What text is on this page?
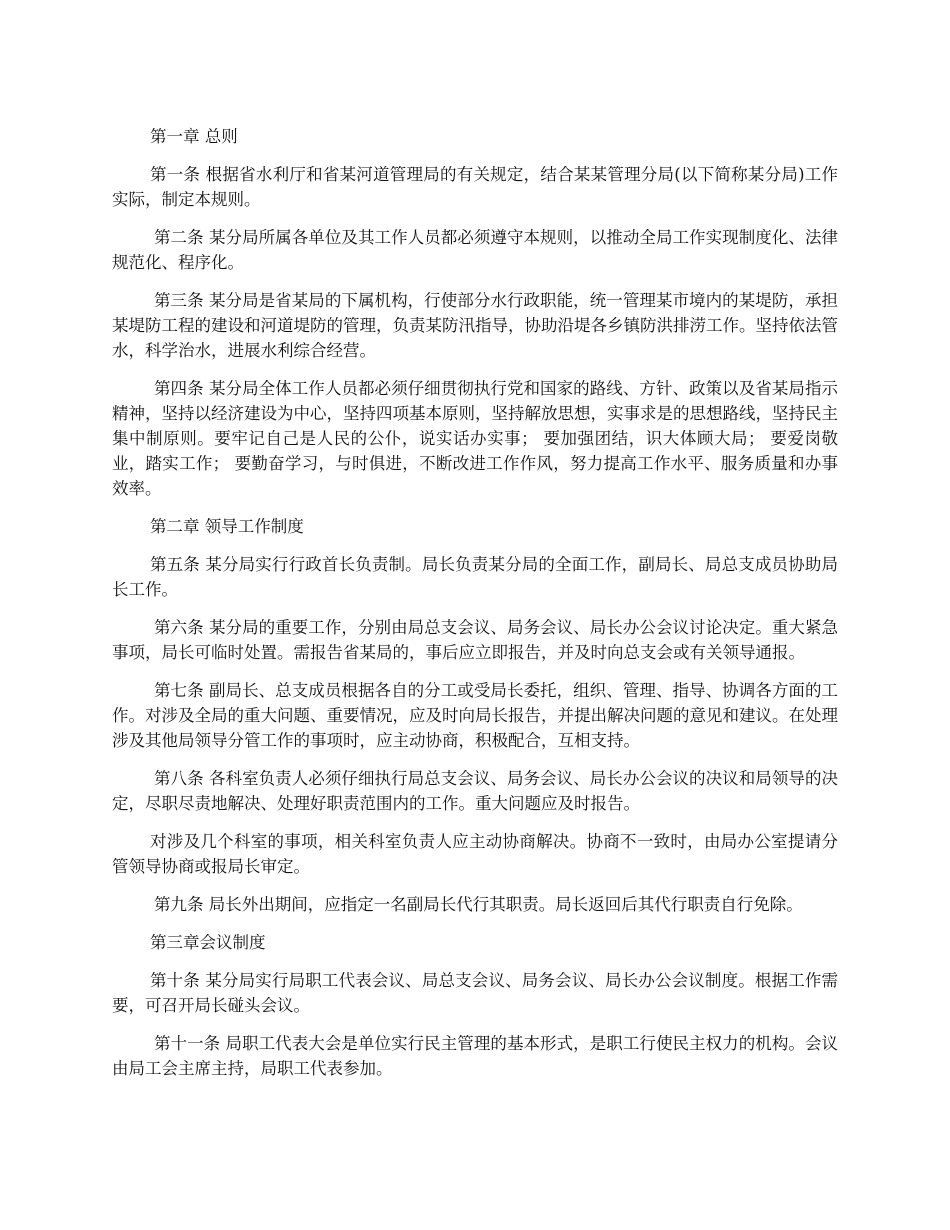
第一章 总则

第一条 根据省水利厅和省某河道管理局的有关规定，结合某某管理分局(以下简称某分局)工作实际，制定本规则。

第二条 某分局所属各单位及其工作人员都必须遵守本规则，以推动全局工作实现制度化、法律规范化、程序化。

第三条 某分局是省某局的下属机构，行使部分水行政职能，统一管理某市境内的某堤防，承担某堤防工程的建设和河道堤防的管理，负责某防汛指导，协助沿堤各乡镇防洪排涝工作。坚持依法管水，科学治水，进展水利综合经营。

第四条 某分局全体工作人员都必须仔细贯彻执行党和国家的路线、方针、政策以及省某局指示精神，坚持以经济建设为中心，坚持四项基本原则，坚持解放思想，实事求是的思想路线，坚持民主集中制原则。要牢记自己是人民的公仆，说实话办实事； 要加强团结，识大体顾大局； 要爱岗敬业，踏实工作； 要勤奋学习，与时俱进，不断改进工作作风，努力提高工作水平、服务质量和办事效率。

第二章 领导工作制度

第五条 某分局实行行政首长负责制。局长负责某分局的全面工作，副局长、局总支成员协助局长工作。

第六条 某分局的重要工作，分别由局总支会议、局务会议、局长办公会议讨论决定。重大紧急事项，局长可临时处置。需报告省某局的，事后应立即报告，并及时向总支会或有关领导通报。

第七条 副局长、总支成员根据各自的分工或受局长委托，组织、管理、指导、协调各方面的工作。对涉及全局的重大问题、重要情况，应及时向局长报告，并提出解决问题的意见和建议。在处理涉及其他局领导分管工作的事项时，应主动协商，积极配合，互相支持。

第八条 各科室负责人必须仔细执行局总支会议、局务会议、局长办公会议的决议和局领导的决定，尽职尽责地解决、处理好职责范围内的工作。重大问题应及时报告。

对涉及几个科室的事项，相关科室负责人应主动协商解决。协商不一致时，由局办公室提请分管领导协商或报局长审定。

第九条 局长外出期间，应指定一名副局长代行其职责。局长返回后其代行职责自行免除。

第三章会议制度

第十条 某分局实行局职工代表会议、局总支会议、局务会议、局长办公会议制度。根据工作需要，可召开局长碰头会议。

第十一条 局职工代表大会是单位实行民主管理的基本形式，是职工行使民主权力的机构。会议由局工会主席主持，局职工代表参加。
